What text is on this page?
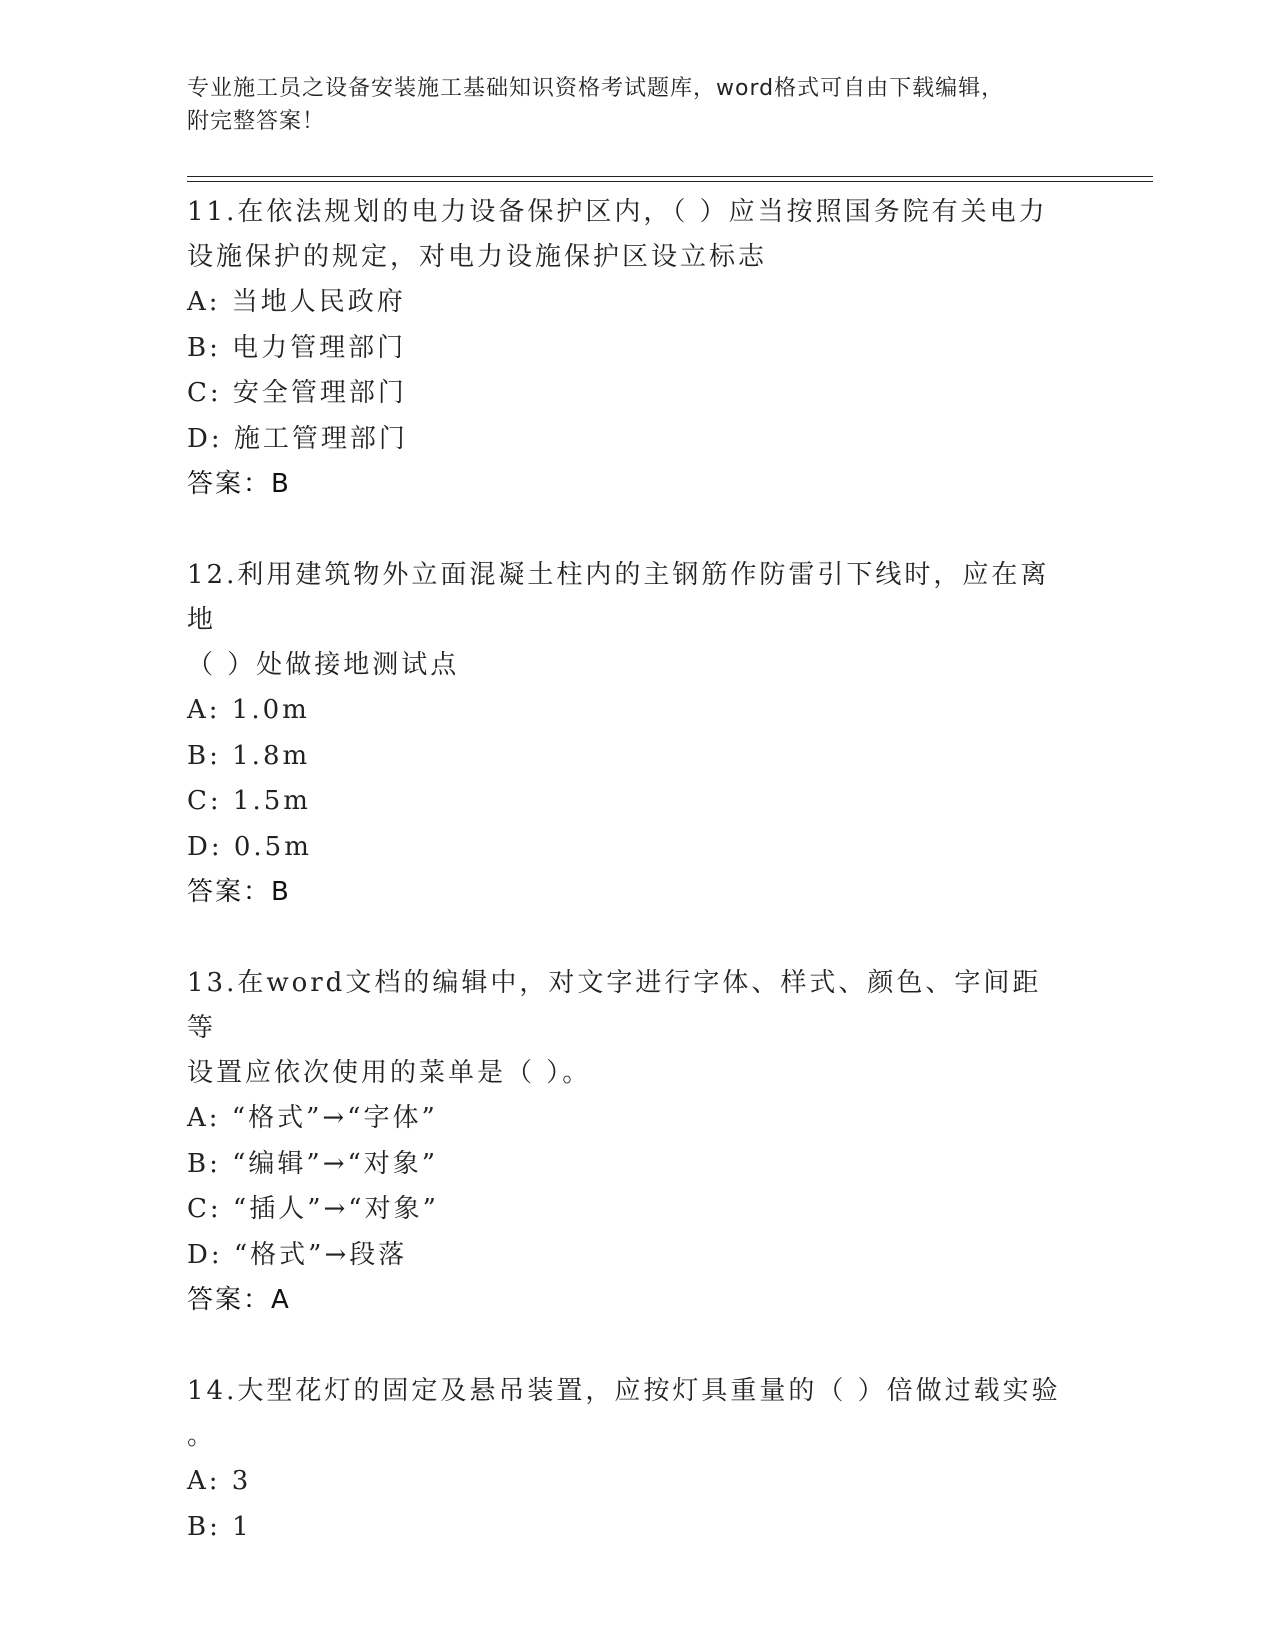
专业施工员之设备安装施工基础知识资格考试题库，word格式可自由下载编辑，
附完整答案！
11.在依法规划的电力设备保护区内，（ ）应当按照国务院有关电力
设施保护的规定，对电力设施保护区设立标志
A: 当地人民政府
B: 电力管理部门
C: 安全管理部门
D: 施工管理部门
答案：B
12.利用建筑物外立面混凝土柱内的主钢筋作防雷引下线时，应在离地
（ ）处做接地测试点
A: 1.0m
B: 1.8m
C: 1.5m
D: 0.5m
答案：B
13.在word文档的编辑中，对文字进行字体、样式、颜色、字间距等
设置应依次使用的菜单是（ ）。
A: “格式”→“字体”
B: “编辑”→“对象”
C: “插人”→“对象”
D: “格式”→段落
答案：A
14.大型花灯的固定及悬吊装置，应按灯具重量的（ ）倍做过载实验
。
A: 3
B: 1
